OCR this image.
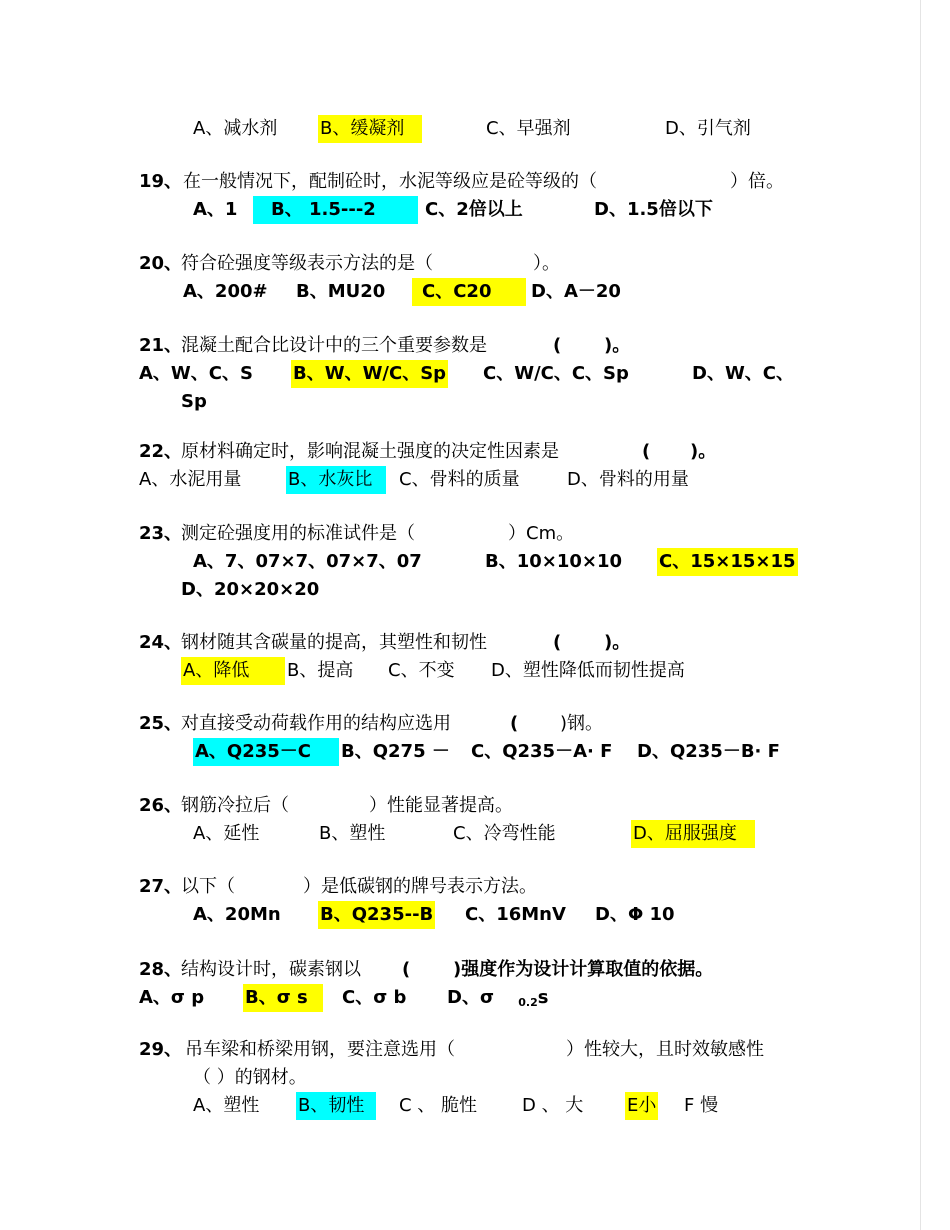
A、减水剂 B、缓凝剂	C、早强剂	D、引气剂
19、 在一般情况下，配制砼时，水泥等级应是砼等级的（	）倍。
A、1	B、 1.5---2	C、2倍以上	D、1.5倍以下
20、
符合砼强度等级表示方法的是（	）。
A、200# B、MU20	C、C20	D、A－20
21、
混凝土配合比设计中的三个重要参数是	( )。
A、W、C、S B、W、W/C、Sp C、W/C、C、Sp	D、W、C、
Sp
22、
原材料确定时，影响混凝土强度的决定性因素是	( )。
A、水泥用量	B、水灰比	C、骨料的质量	D、骨料的用量
23、
测定砼强度用的标准试件是（	）Cm。
A、7、07×7、07×7、07	B、10×10×10 C、15×15×15
D、20×20×20
24、
钢材随其含碳量的提高，其塑性和韧性	( )。
A、降低	B、提高 C、不变 D、塑性降低而韧性提高
25、
对直接受动荷载作用的结构应选用	( )钢。
A、Q235－C	B、Q275 － C、Q235－A· F D、Q235－B· F
26、
钢筋冷拉后（	）性能显著提高。
A、延性	B、塑性	C、冷弯性能	D、屈服强度
27、
以下（	）是低碳钢的牌号表示方法。
A、20Mn B、Q235--B C、16MnV D、Φ 10
28、
结构设计时，碳素钢以 ( )强度作为设计计算取值的依据。
A、σ p B、σ s	C、σ b D、σ $_{0.2}$s
29、 吊车梁和桥梁用钢，要注意选用（	）性较大，且时效敏感性
（ ）的钢材。
A、塑性 B、韧性	C 、 脆性 D 、 大 E小 F 慢
